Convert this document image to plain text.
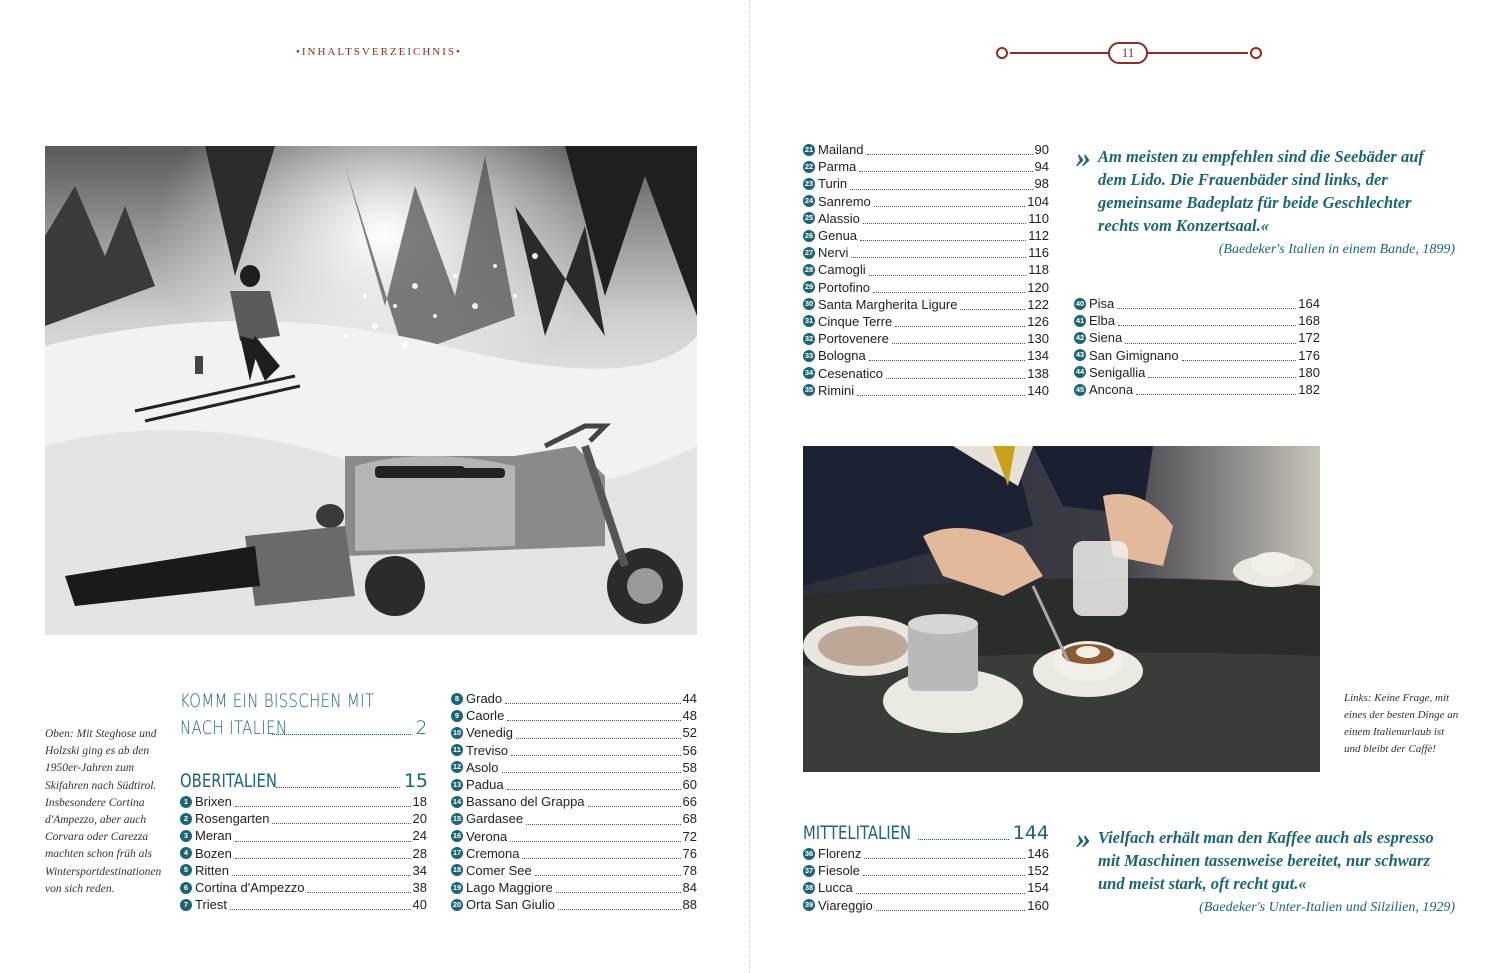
•INHALTSVERZEICHNIS•	11
Oben: Mit Steghose und Holzski ging es ab den 1950er-Jahren zum Skifahren nach Südtirol. Insbesondere Cortina d'Ampezzo, aber auch Corvara oder Carezza machten schon früh als Wintersportdestinationen von sich reden.
KOMM EIN BISSCHEN MIT
NACH ITALIEN	2
OBERITALIEN	15
1 Brixen	18
2 Rosengarten	20
3 Meran	24
4 Bozen	28
5 Ritten	34
6 Cortina d'Ampezzo	38
7 Triest	40
8 Grado	44
9 Caorle	48
10 Venedig	52
11 Treviso	56
12 Asolo	58
13 Padua	60
14 Bassano del Grappa	66
15 Gardasee	68
16 Verona	72
17 Cremona	76
18 Comer See	78
19 Lago Maggiore	84
20 Orta San Giulio	88
21 Mailand	90
22 Parma	94
23 Turin	98
24 Sanremo	104
25 Alassio	110
26 Genua	112
27 Nervi	116
28 Camogli	118
29 Portofino	120
30 Santa Margherita Ligure	122
31 Cinque Terre	126
32 Portovenere	130
33 Bologna	134
34 Cesenatico	138
35 Rimini	140
40 Pisa	164
41 Elba	168
42 Siena	172
43 San Gimignano	176
44 Senigallia	180
45 Ancona	182
» Am meisten zu empfehlen sind die Seebäder auf dem Lido. Die Frauenbäder sind links, der gemeinsame Badeplatz für beide Geschlechter rechts vom Konzertsaal.«

(Baedeker's Italien in einem Bande, 1899)
Links: Keine Frage, mit eines der besten Dinge an einem Italienurlaub ist und bleibt der Caffè!
MITTELITALIEN	144
36 Florenz	146
37 Fiesole	152
38 Lucca	154
39 Viareggio	160
» Vielfach erhält man den Kaffee auch als espresso mit Maschinen tassenweise bereitet, nur schwarz und meist stark, oft recht gut.«

(Baedeker's Unter-Italien und Silzilien, 1929)
